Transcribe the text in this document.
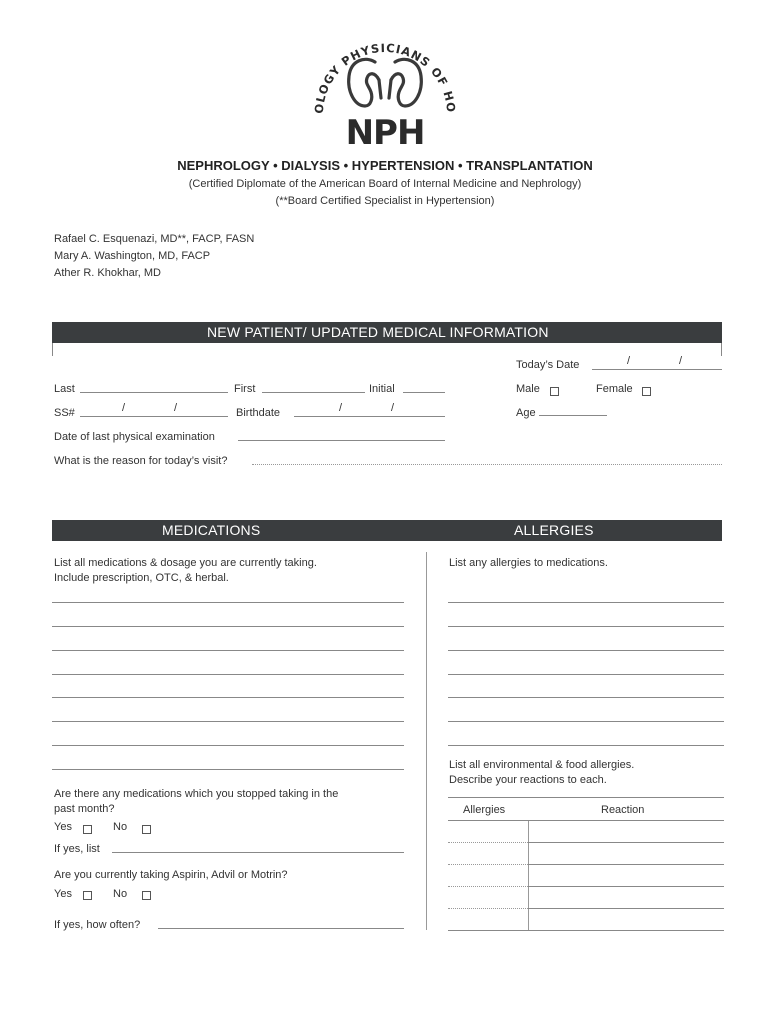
OLOGY PHYSICIANS OF HO
NPH
NEPHROLOGY • DIALYSIS • HYPERTENSION • TRANSPLANTATION
(Certified Diplomate of the American Board of Internal Medicine and Nephrology)
(**Board Certified Specialist in Hypertension)
Rafael C. Esquenazi, MD**, FACP, FASN
Mary A. Washington, MD, FACP
Ather R. Khokhar, MD
NEW PATIENT/ UPDATED MEDICAL INFORMATION
Today’s Date	/	/
Last	First	Initial	Male	Female
SS#	/	/	Birthdate	/	/	Age
Date of last physical examination
What is the reason for today’s visit?
MEDICATIONS	ALLERGIES
List all medications & dosage you are currently taking.
Include prescription, OTC, & herbal.
Are there any medications which you stopped taking in the
past month?
Yes	No
If yes, list
Are you currently taking Aspirin, Advil or Motrin?
Yes	No
If yes, how often?
List any allergies to medications.
List all environmental & food allergies.
Describe your reactions to each.
Allergies	Reaction
